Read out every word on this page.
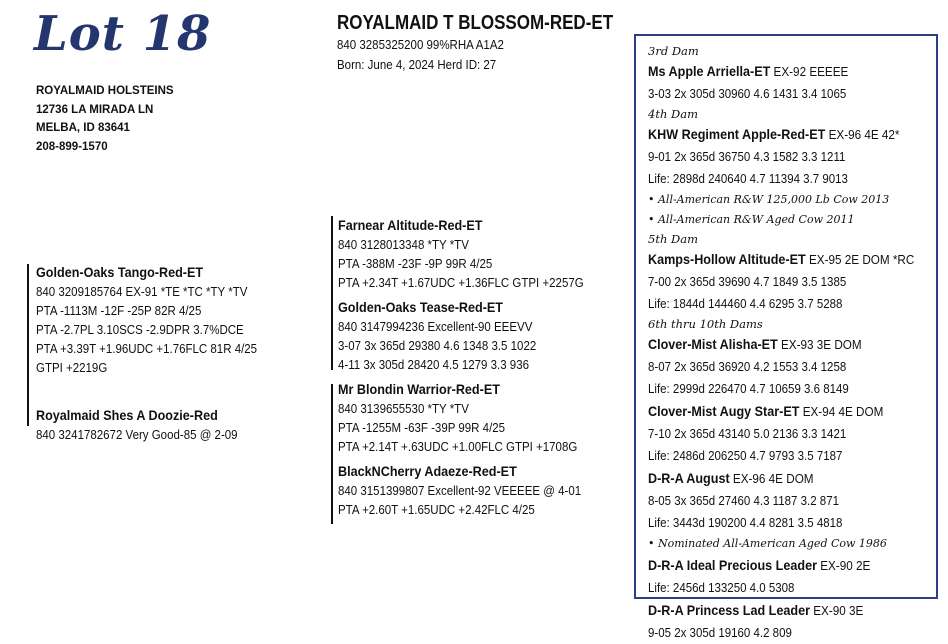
Lot 18
ROYALMAID HOLSTEINS
12736 LA MIRADA LN
MELBA, ID 83641
208-899-1570
ROYALMAID T BLOSSOM-RED-ET
840 3285325200 99%RHA A1A2
Born: June 4, 2024 Herd ID: 27
Golden-Oaks Tango-Red-ET
840 3209185764 EX-91 *TE *TC *TY *TV
PTA -1113M -12F -25P 82R 4/25
PTA -2.7PL 3.10SCS -2.9DPR 3.7%DCE
PTA +3.39T +1.96UDC +1.76FLC 81R 4/25
GTPI +2219G
Royalmaid Shes A Doozie-Red
840 3241782672 Very Good-85 @ 2-09
Farnear Altitude-Red-ET
840 3128013348 *TY *TV
PTA -388M -23F -9P 99R 4/25
PTA +2.34T +1.67UDC +1.36FLC GTPI +2257G
Golden-Oaks Tease-Red-ET
840 3147994236 Excellent-90 EEEVV
3-07 3x 365d 29380 4.6 1348 3.5 1022
4-11 3x 305d 28420 4.5 1279 3.3 936
Mr Blondin Warrior-Red-ET
840 3139655530 *TY *TV
PTA -1255M -63F -39P 99R 4/25
PTA +2.14T +.63UDC +1.00FLC GTPI +1708G
BlackNCherry Adaeze-Red-ET
840 3151399807 Excellent-92 VEEEEE @ 4-01
PTA +2.60T +1.65UDC +2.42FLC 4/25
3rd Dam
Ms Apple Arriella-ET EX-92 EEEEE
3-03 2x 305d 30960 4.6 1431 3.4 1065
4th Dam
KHW Regiment Apple-Red-ET EX-96 4E 42*
9-01 2x 365d 36750 4.3 1582 3.3 1211
Life: 2898d 240640 4.7 11394 3.7 9013
• All-American R&W 125,000 Lb Cow 2013
• All-American R&W Aged Cow 2011
5th Dam
Kamps-Hollow Altitude-ET EX-95 2E DOM *RC
7-00 2x 365d 39690 4.7 1849 3.5 1385
Life: 1844d 144460 4.4 6295 3.7 5288
6th thru 10th Dams
Clover-Mist Alisha-ET EX-93 3E DOM
8-07 2x 365d 36920 4.2 1553 3.4 1258
Life: 2999d 226470 4.7 10659 3.6 8149
Clover-Mist Augy Star-ET EX-94 4E DOM
7-10 2x 365d 43140 5.0 2136 3.3 1421
Life: 2486d 206250 4.7 9793 3.5 7187
D-R-A August EX-96 4E DOM
8-05 3x 365d 27460 4.3 1187 3.2 871
Life: 3443d 190200 4.4 8281 3.5 4818
• Nominated All-American Aged Cow 1986
D-R-A Ideal Precious Leader EX-90 2E
Life: 2456d 133250 4.0 5308
D-R-A Princess Lad Leader EX-90 3E
9-05 2x 305d 19160 4.2 809
